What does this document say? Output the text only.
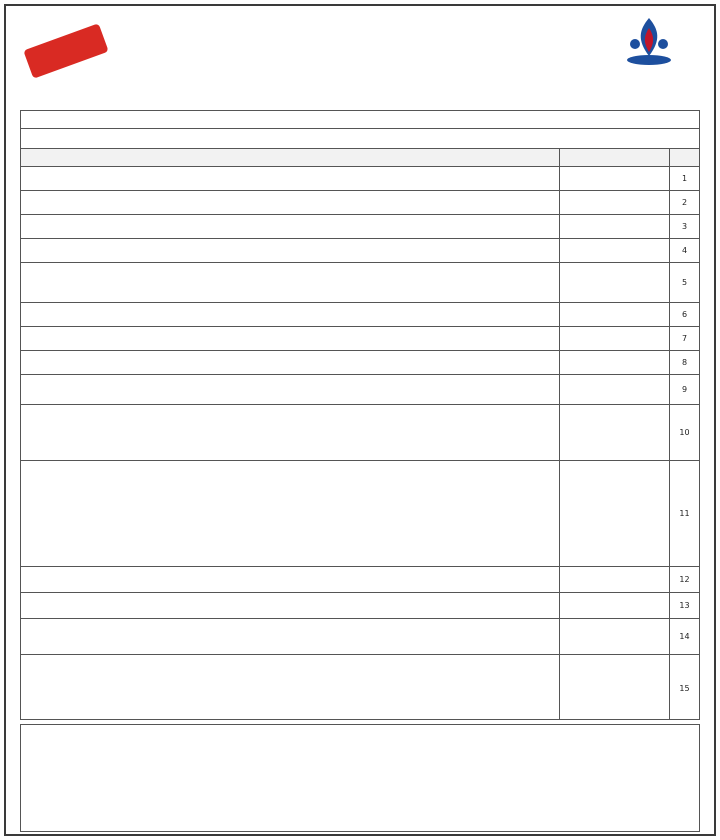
1
2
3
4
5
6
7
8
9
10
11
12
13
14
15
